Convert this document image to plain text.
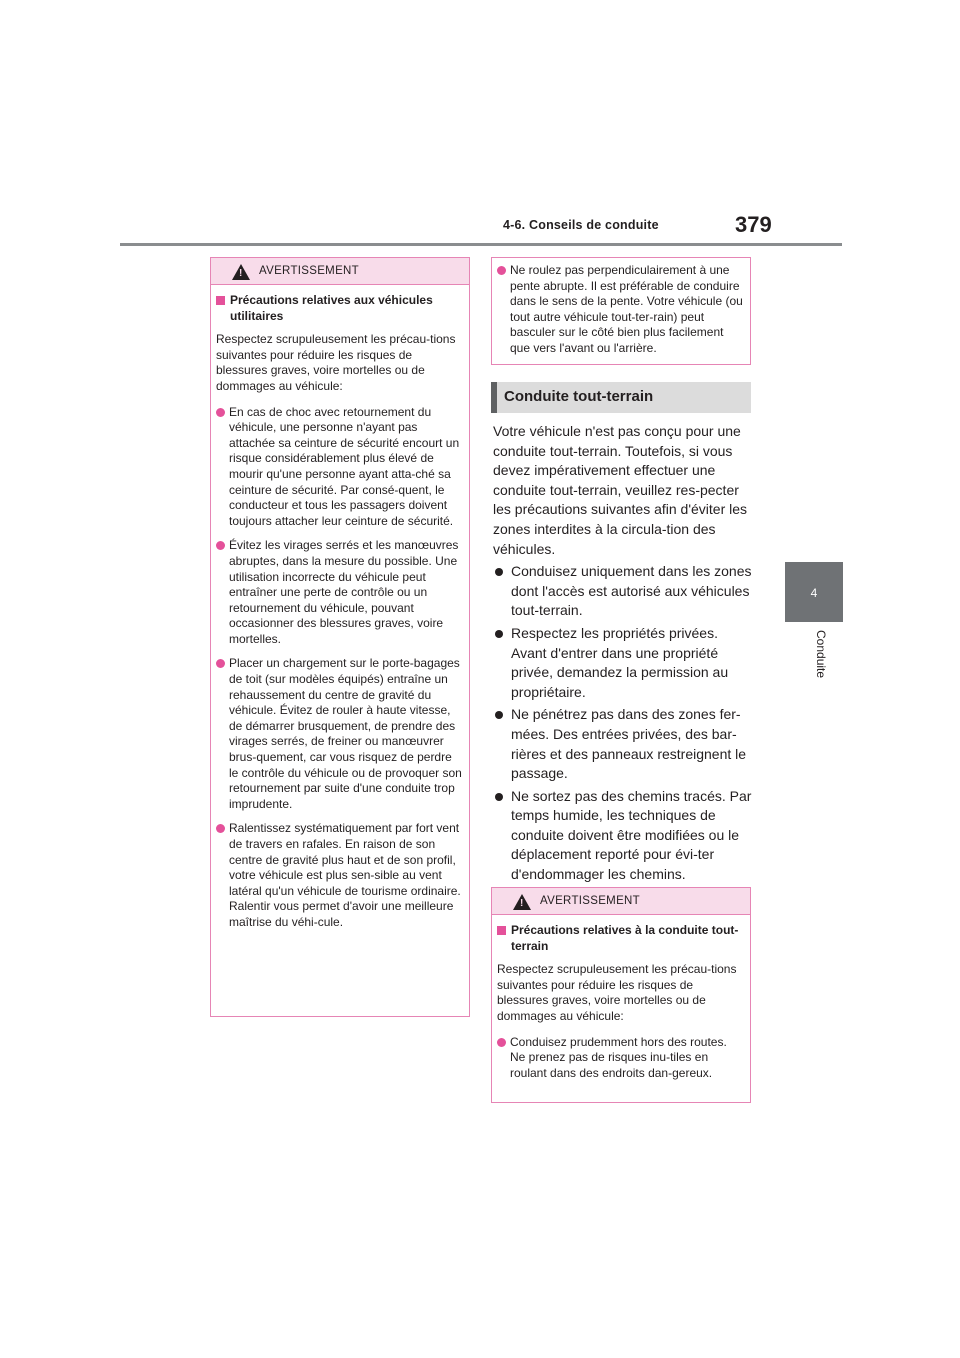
4-6. Conseils de conduite	379
4
Conduite
!
AVERTISSEMENT
Précautions relatives aux véhicules utilitaires
Respectez scrupuleusement les précau-tions suivantes pour réduire les risques de blessures graves, voire mortelles ou de dommages au véhicule:
En cas de choc avec retournement du véhicule, une personne n'ayant pas attachée sa ceinture de sécurité encourt un risque considérablement plus élevé de mourir qu'une personne ayant atta-ché sa ceinture de sécurité. Par consé-quent, le conducteur et tous les passagers doivent toujours attacher leur ceinture de sécurité.
Évitez les virages serrés et les manœuvres abruptes, dans la mesure du possible. Une utilisation incorrecte du véhicule peut entraîner une perte de contrôle ou un retournement du véhicule, pouvant occasionner des blessures graves, voire mortelles.
Placer un chargement sur le porte-bagages de toit (sur modèles équipés) entraîne un rehaussement du centre de gravité du véhicule. Évitez de rouler à haute vitesse, de démarrer brusquement, de prendre des virages serrés, de freiner ou manœuvrer brus-quement, car vous risquez de perdre le contrôle du véhicule ou de provoquer son retournement par suite d'une conduite trop imprudente.
Ralentissez systématiquement par fort vent de travers en rafales. En raison de son centre de gravité plus haut et de son profil, votre véhicule est plus sen-sible au vent latéral qu'un véhicule de tourisme ordinaire. Ralentir vous permet d'avoir une meilleure maîtrise du véhi-cule.
Ne roulez pas perpendiculairement à une pente abrupte. Il est préférable de conduire dans le sens de la pente. Votre véhicule (ou tout autre véhicule tout-ter-rain) peut basculer sur le côté bien plus facilement que vers l'avant ou l'arrière.
Conduite tout-terrain

Votre véhicule n'est pas conçu pour une conduite tout-terrain. Toutefois, si vous devez impérativement effectuer une conduite tout-terrain, veuillez res-pecter les précautions suivantes afin d'éviter les zones interdites à la circula-tion des véhicules.

Conduisez uniquement dans les zones dont l'accès est autorisé aux véhicules tout-terrain.
Respectez les propriétés privées. Avant d'entrer dans une propriété privée, demandez la permission au propriétaire.
Ne pénétrez pas dans des zones fer-mées. Des entrées privées, des bar-rières et des panneaux restreignent le passage.
Ne sortez pas des chemins tracés. Par temps humide, les techniques de conduite doivent être modifiées ou le déplacement reporté pour évi-ter d'endommager les chemins.
!
AVERTISSEMENT
Précautions relatives à la conduite tout-terrain
Respectez scrupuleusement les précau-tions suivantes pour réduire les risques de blessures graves, voire mortelles ou de dommages au véhicule:
Conduisez prudemment hors des routes. Ne prenez pas de risques inu-tiles en roulant dans des endroits dan-gereux.
